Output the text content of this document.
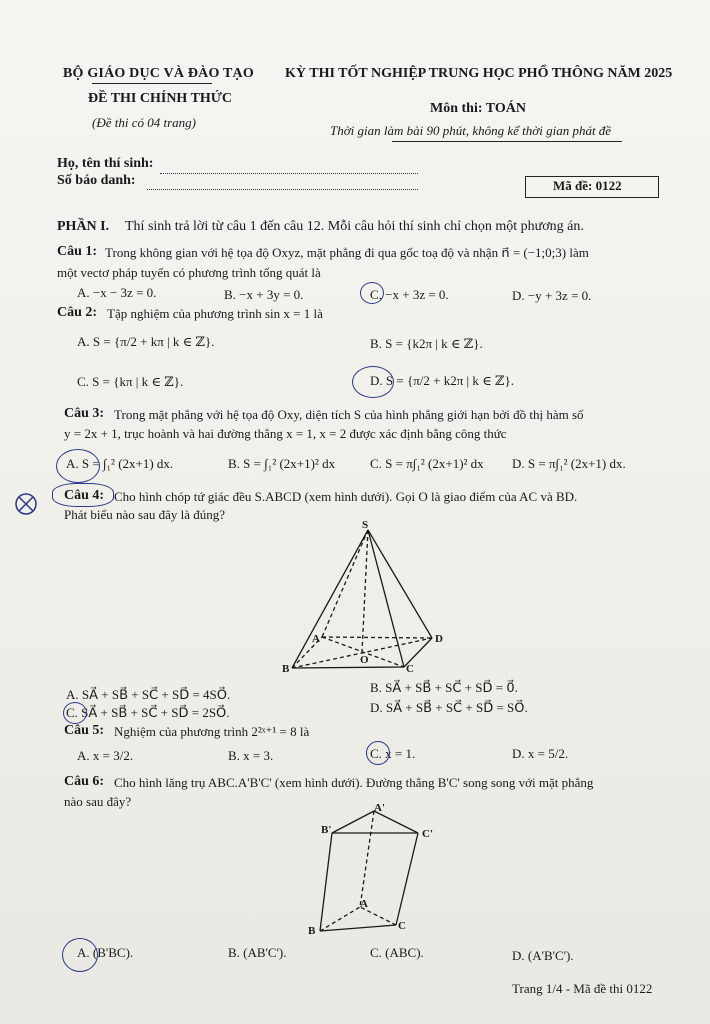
BỘ GIÁO DỤC VÀ ĐÀO TẠO KỲ THI TỐT NGHIỆP TRUNG HỌC PHỔ THÔNG NĂM 2025
ĐỀ THI CHÍNH THỨC
Môn thi: TOÁN
(Đề thi có 04 trang)
Thời gian làm bài 90 phút, không kể thời gian phát đề
Họ, tên thí sinh:
Số báo danh:	Mã đề: 0122
PHẦN I. Thí sinh trả lời từ câu 1 đến câu 12. Mỗi câu hỏi thí sinh chỉ chọn một phương án.
Câu 1: Trong không gian với hệ tọa độ Oxyz, mặt phẳng đi qua gốc toạ độ và nhận n⃗ = (−1;0;3) làm
một vectơ pháp tuyến có phương trình tổng quát là
A. −x − 3z = 0.	B. −x + 3y = 0.	C. −x + 3z = 0.	D. −y + 3z = 0.
Câu 2: Tập nghiệm của phương trình sin x = 1 là
A. S = {π/2 + kπ | k ∈ ℤ}.	B. S = {k2π | k ∈ ℤ}.
C. S = {kπ | k ∈ ℤ}.	D. S = {π/2 + k2π | k ∈ ℤ}.
Câu 3: Trong mặt phẳng với hệ tọa độ Oxy, diện tích S của hình phẳng giới hạn bởi đồ thị hàm số
y = 2x + 1, trục hoành và hai đường thẳng x = 1, x = 2 được xác định bằng công thức
A. S = ∫₁² (2x+1) dx.	B. S = ∫₁² (2x+1)² dx	C. S = π∫₁² (2x+1)² dx D. S = π∫₁² (2x+1) dx.
Câu 4: Cho hình chóp tứ giác đều S.ABCD (xem hình dưới). Gọi O là giao điểm của AC và BD.
Phát biểu nào sau đây là đúng?
S
A	D
O
B	C
A. SA⃗ + SB⃗ + SC⃗ + SD⃗ = 4SO⃗.	B. SA⃗ + SB⃗ + SC⃗ + SD⃗ = 0⃗.
C. SA⃗ + SB⃗ + SC⃗ + SD⃗ = 2SO⃗.	D. SA⃗ + SB⃗ + SC⃗ + SD⃗ = SO⃗.
Câu 5: Nghiệm của phương trình 2²ˣ⁺¹ = 8 là
A. x = 3/2.	B. x = 3.	C. x = 1.	D. x = 5/2.
Câu 6: Cho hình lăng trụ ABC.A'B'C' (xem hình dưới). Đường thẳng B'C' song song với mặt phẳng
nào sau đây?	A'
B'	C'
A
B	C
A. (B'BC).	B. (AB'C').	C. (ABC).	D. (A'B'C').
Trang 1/4 - Mã đề thi 0122
